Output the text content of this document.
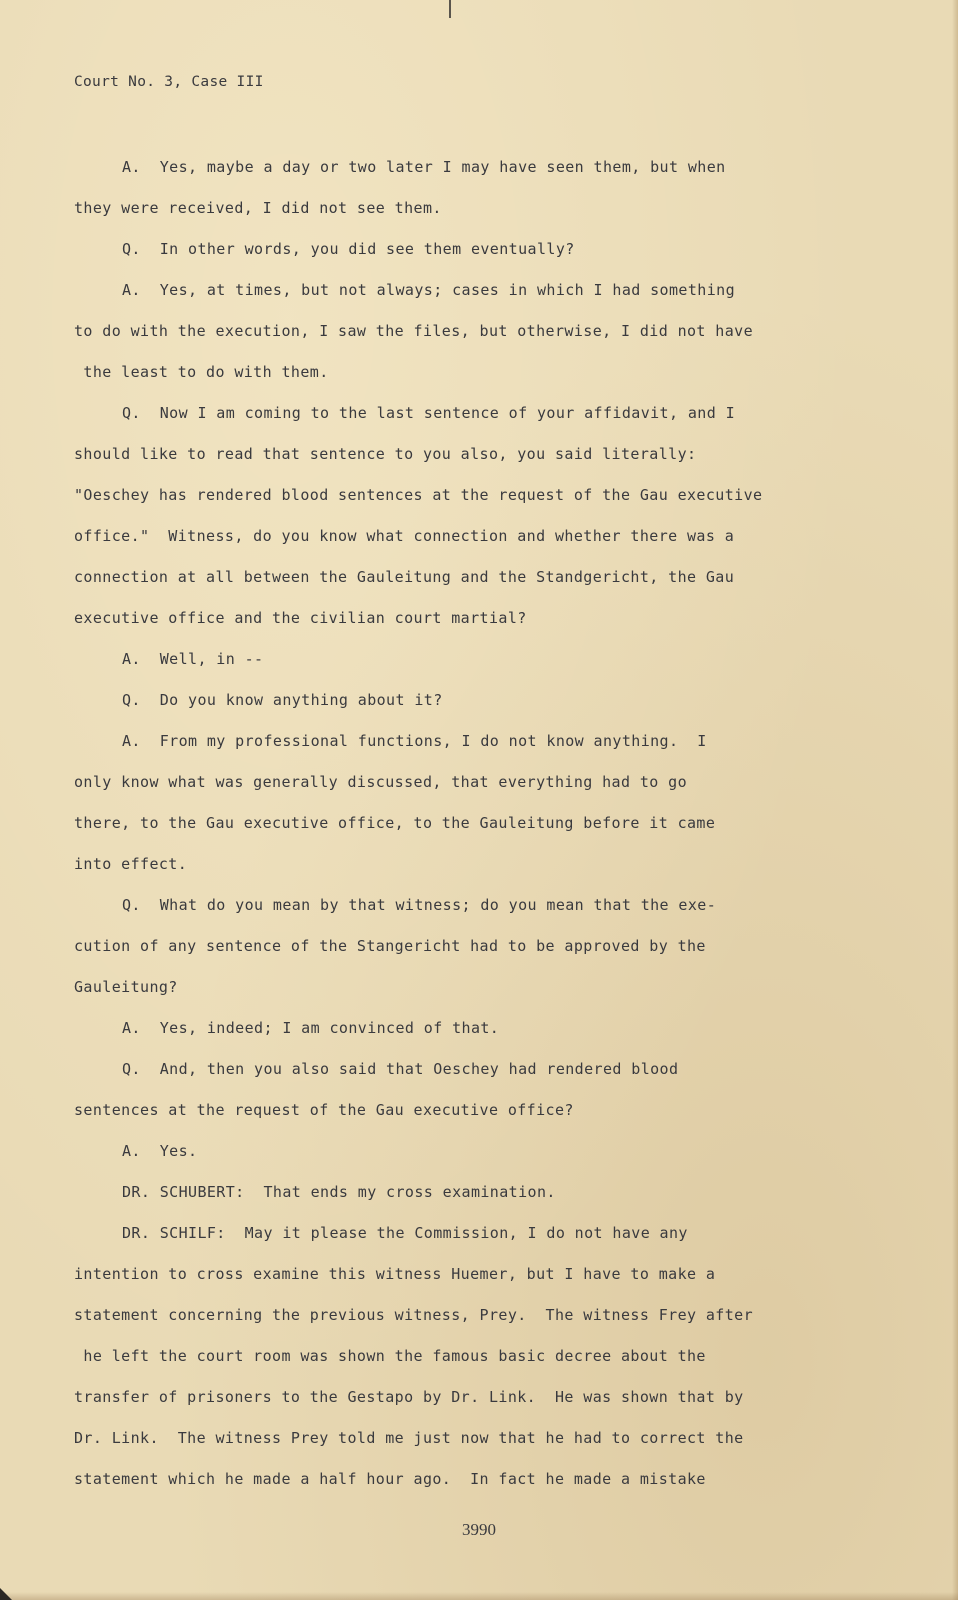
Court No. 3, Case III

A.  Yes, maybe a day or two later I may have seen them, but when

they were received, I did not see them.

Q.  In other words, you did see them eventually?

A.  Yes, at times, but not always; cases in which I had something

to do with the execution, I saw the files, but otherwise, I did not have

the least to do with them.

Q.  Now I am coming to the last sentence of your affidavit, and I

should like to read that sentence to you also, you said literally:

"Oeschey has rendered blood sentences at the request of the Gau executive

office."  Witness, do you know what connection and whether there was a

connection at all between the Gauleitung and the Standgericht, the Gau

executive office and the civilian court martial?

A.  Well, in --

Q.  Do you know anything about it?

A.  From my professional functions, I do not know anything.  I

only know what was generally discussed, that everything had to go

there, to the Gau executive office, to the Gauleitung before it came

into effect.

Q.  What do you mean by that witness; do you mean that the exe-

cution of any sentence of the Stangericht had to be approved by the

Gauleitung?

A.  Yes, indeed; I am convinced of that.

Q.  And, then you also said that Oeschey had rendered blood

sentences at the request of the Gau executive office?

A.  Yes.

DR. SCHUBERT:  That ends my cross examination.

DR. SCHILF:  May it please the Commission, I do not have any

intention to cross examine this witness Huemer, but I have to make a

statement concerning the previous witness, Prey.  The witness Frey after

he left the court room was shown the famous basic decree about the

transfer of prisoners to the Gestapo by Dr. Link.  He was shown that by

Dr. Link.  The witness Prey told me just now that he had to correct the

statement which he made a half hour ago.  In fact he made a mistake

3990
